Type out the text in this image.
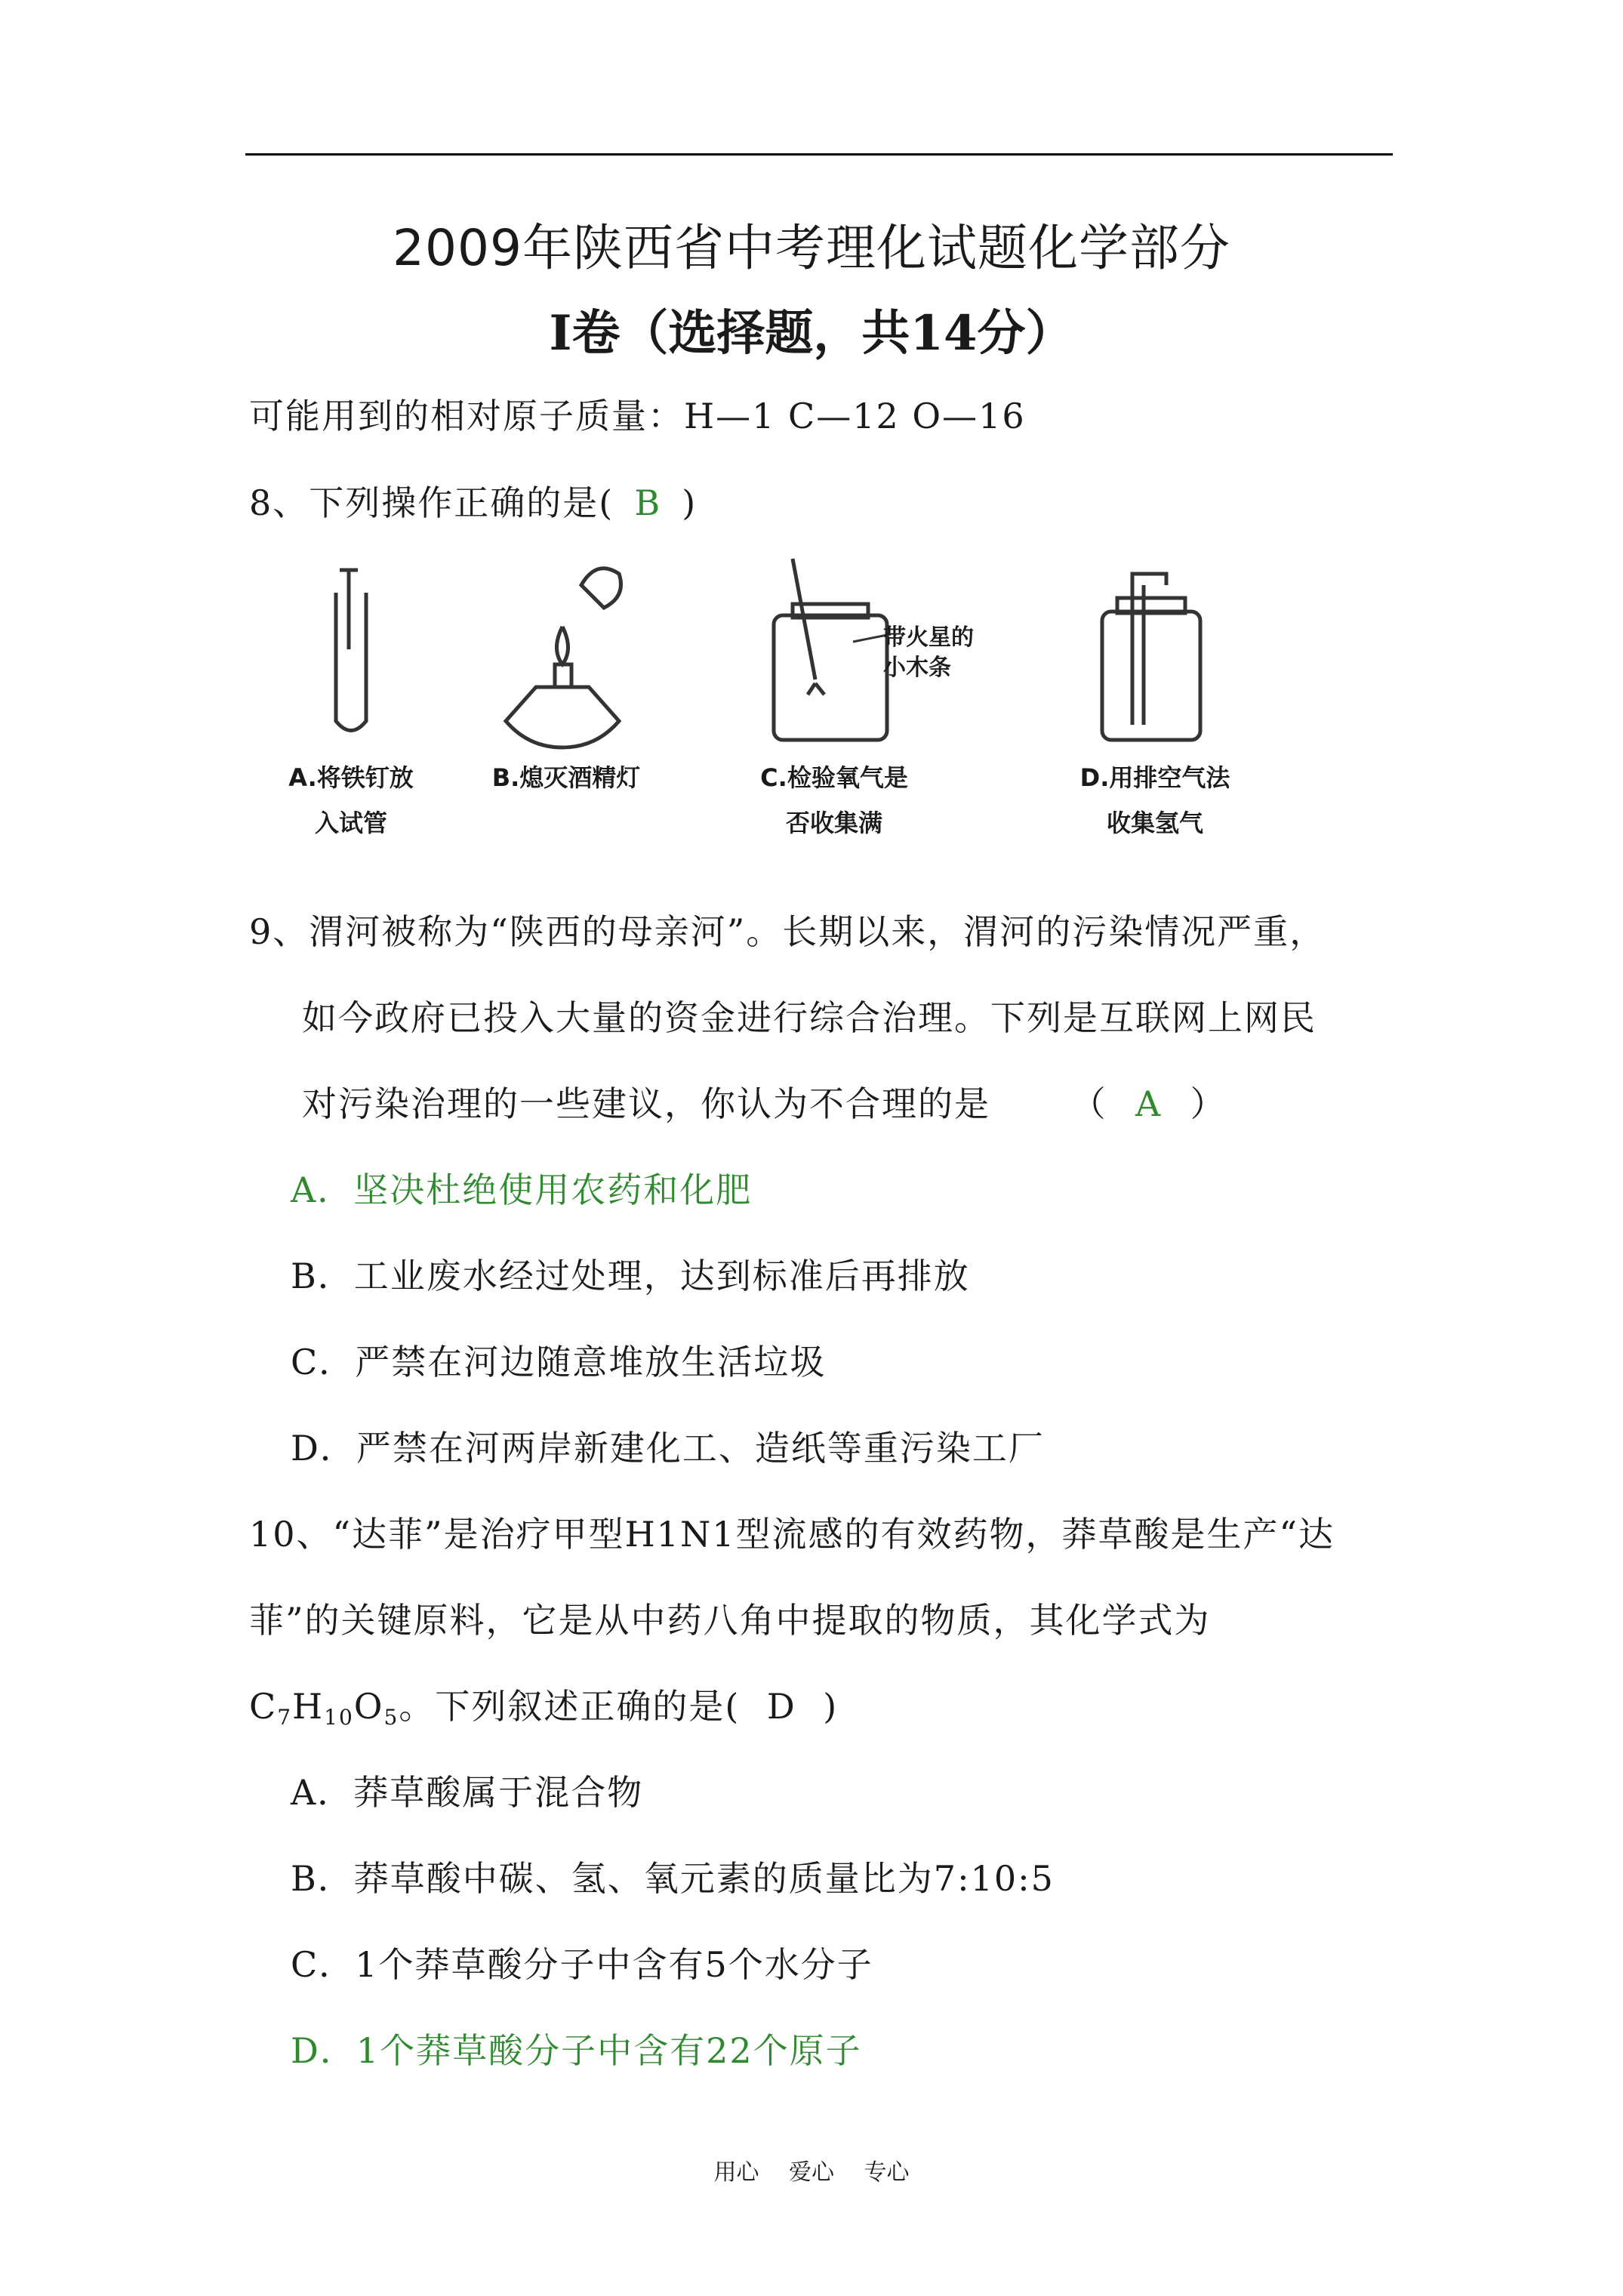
2009年陕西省中考理化试题化学部分
Ⅰ卷（选择题，共14分）
可能用到的相对原子质量：H—1 C—12 O—16
8、下列操作正确的是( B )
带火星的
小木条
A.将铁钉放
入试管
B.熄灭酒精灯	C.检验氧气是
否收集满
D.用排空气法
收集氢气
9、渭河被称为“陕西的母亲河”。长期以来，渭河的污染情况严重，
如今政府已投入大量的资金进行综合治理。下列是互联网上网民
对污染治理的一些建议，你认为不合理的是 （ A ）
A．坚决杜绝使用农药和化肥
B．工业废水经过处理，达到标准后再排放
C．严禁在河边随意堆放生活垃圾
D．严禁在河两岸新建化工、造纸等重污染工厂
10、“达菲”是治疗甲型H1N1型流感的有效药物，莽草酸是生产“达
菲”的关键原料，它是从中药八角中提取的物质，其化学式为
$C_7H_{10}O_5$。下列叙述正确的是( D )
A．莽草酸属于混合物
B．莽草酸中碳、氢、氧元素的质量比为7:10:5
C．1个莽草酸分子中含有5个水分子
D．1个莽草酸分子中含有22个原子
用心 爱心 专心
